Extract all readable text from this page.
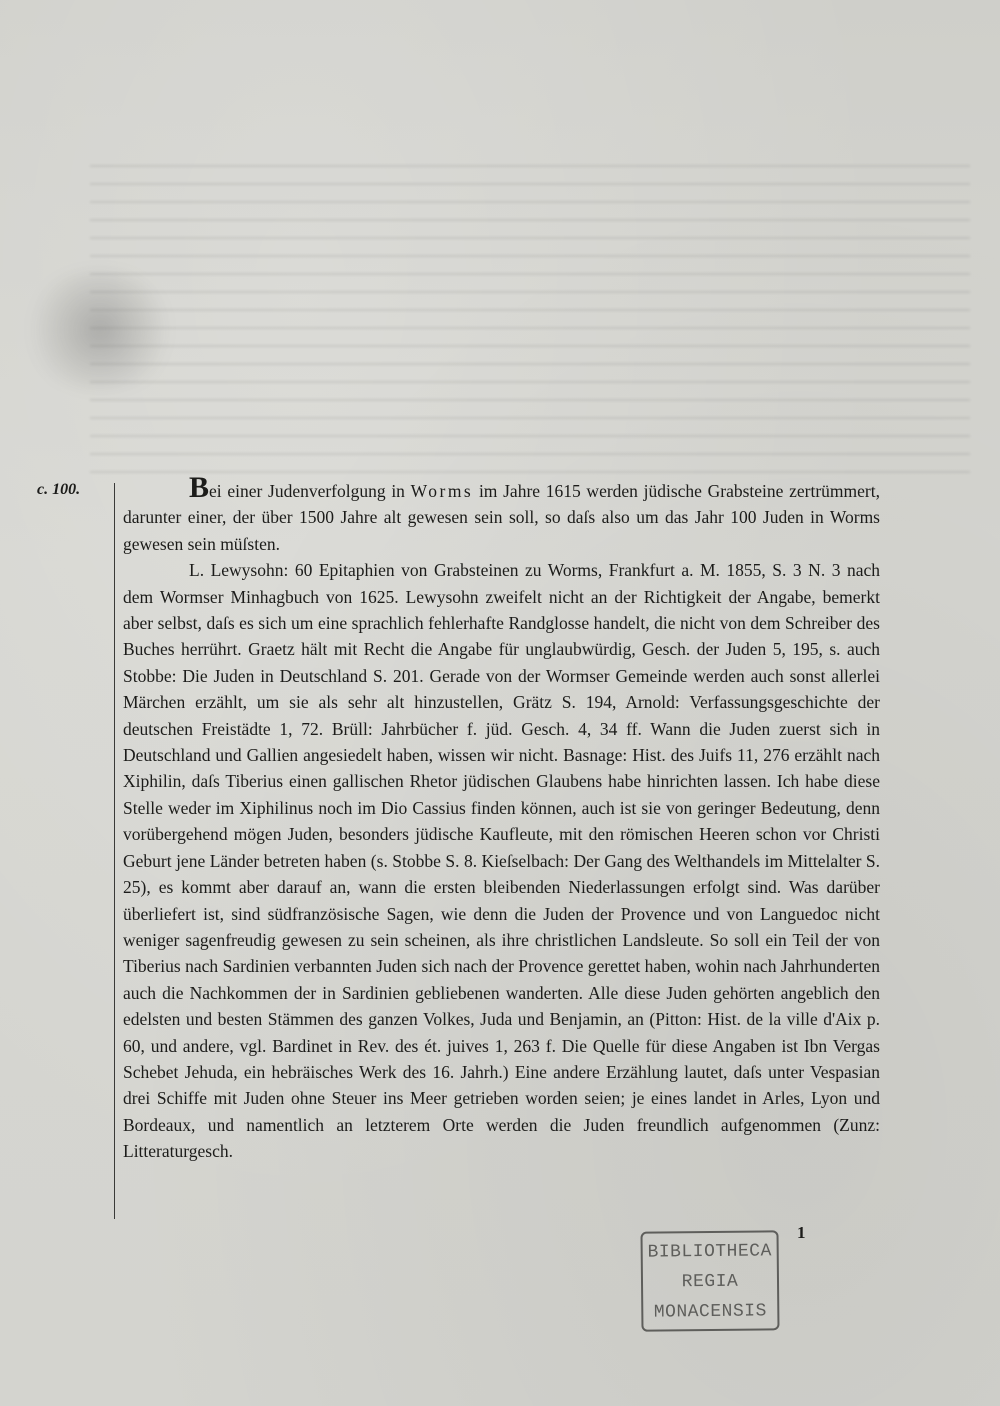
c. 100.	Bei einer Judenverfolgung in Worms im Jahre 1615 werden jüdische Grabsteine zertrümmert, darunter einer, der über 1500 Jahre alt gewesen sein soll, so daſs also um das Jahr 100 Juden in Worms gewesen sein müſsten.

L. Lewysohn: 60 Epitaphien von Grabsteinen zu Worms, Frankfurt a. M. 1855, S. 3 N. 3 nach dem Wormser Minhagbuch von 1625. Lewysohn zweifelt nicht an der Richtigkeit der Angabe, bemerkt aber selbst, daſs es sich um eine sprachlich fehlerhafte Randglosse handelt, die nicht von dem Schreiber des Buches herrührt. Graetz hält mit Recht die Angabe für unglaubwürdig, Gesch. der Juden 5, 195, s. auch Stobbe: Die Juden in Deutschland S. 201. Gerade von der Wormser Gemeinde werden auch sonst allerlei Märchen erzählt, um sie als sehr alt hinzustellen, Grätz S. 194, Arnold: Verfassungsgeschichte der deutschen Freistädte 1, 72. Brüll: Jahrbücher f. jüd. Gesch. 4, 34 ff. Wann die Juden zuerst sich in Deutschland und Gallien angesiedelt haben, wissen wir nicht. Basnage: Hist. des Juifs 11, 276 erzählt nach Xiphilin, daſs Tiberius einen gallischen Rhetor jüdischen Glaubens habe hinrichten lassen. Ich habe diese Stelle weder im Xiphilinus noch im Dio Cassius finden können, auch ist sie von geringer Bedeutung, denn vorübergehend mögen Juden, besonders jüdische Kaufleute, mit den römischen Heeren schon vor Christi Geburt jene Länder betreten haben (s. Stobbe S. 8. Kieſselbach: Der Gang des Welthandels im Mittelalter S. 25), es kommt aber darauf an, wann die ersten bleibenden Niederlassungen erfolgt sind. Was darüber überliefert ist, sind südfranzösische Sagen, wie denn die Juden der Provence und von Languedoc nicht weniger sagenfreudig gewesen zu sein scheinen, als ihre christlichen Landsleute. So soll ein Teil der von Tiberius nach Sardinien verbannten Juden sich nach der Provence gerettet haben, wohin nach Jahrhunderten auch die Nachkommen der in Sardinien gebliebenen wanderten. Alle diese Juden gehörten angeblich den edelsten und besten Stämmen des ganzen Volkes, Juda und Benjamin, an (Pitton: Hist. de la ville d'Aix p. 60, und andere, vgl. Bardinet in Rev. des ét. juives 1, 263 f. Die Quelle für diese Angaben ist Ibn Vergas Schebet Jehuda, ein hebräisches Werk des 16. Jahrh.) Eine andere Erzählung lautet, daſs unter Vespasian drei Schiffe mit Juden ohne Steuer ins Meer getrieben worden seien; je eines landet in Arles, Lyon und Bordeaux, und namentlich an letzterem Orte werden die Juden freundlich aufgenommen (Zunz: Litteraturgesch.

1
BIBLIOTHECA
REGIA
MONACENSIS
